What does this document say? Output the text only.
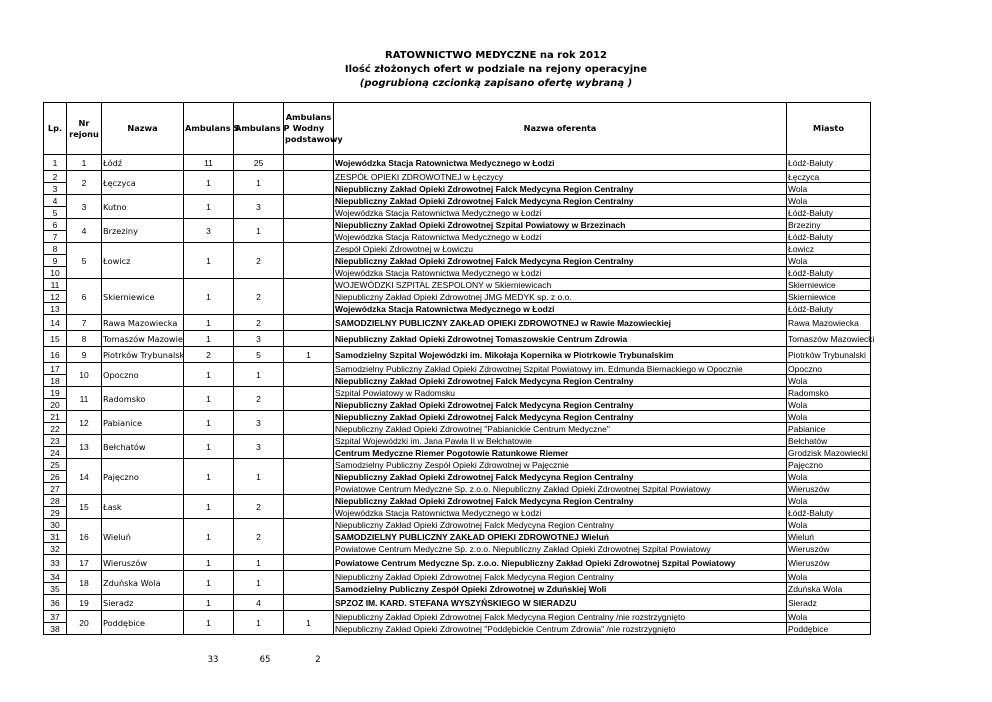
RATOWNICTWO MEDYCZNE na rok 2012
Ilość złożonych ofert w podziale na rejony operacyjne
(pogrubioną czcionką zapisano ofertę wybraną )
Lp.	Nr rejonu	Nazwa	Ambulans S	Ambulans P	Ambulans Wodny podstawowy	Nazwa oferenta	Miasto
1	1	Łódź	11	25		Wojewódzka Stacja Ratownictwa Medycznego w Łodzi	Łódź-Bałuty
2	2	Łęczyca	1	1		ZESPÓŁ OPIEKI ZDROWOTNEJ w Łęczycy	Łęczyca
3						Niepubliczny Zakład Opieki Zdrowotnej Falck Medycyna Region Centralny	Wola
4	3	Kutno	1	3		Niepubliczny Zakład Opieki Zdrowotnej Falck Medycyna Region Centralny	Wola
5						Wojewódzka Stacja Ratownictwa Medycznego w Łodzi	Łódź-Bałuty
6	4	Brzeziny	3	1		Niepubliczny Zakład Opieki Zdrowotnej Szpital Powiatowy w Brzezinach	Brzeziny
7						Wojewódzka Stacja Ratownictwa Medycznego w Łodzi	Łódź-Bałuty
8	5	Łowicz	1	2		Zespół Opieki Zdrowotnej w Łowiczu	Łowicz
9						Niepubliczny Zakład Opieki Zdrowotnej Falck Medycyna Region Centralny	Wola
10						Wojewódzka Stacja Ratownictwa Medycznego w Łodzi	Łódź-Bałuty
11	6	Skierniewice	1	2		WOJEWÓDZKI SZPITAL ZESPOLONY w Skierniewicach	Skierniewice
12						Niepubliczny Zakład Opieki Zdrowotnej JMG MEDYK sp. z o.o.	Skierniewice
13						Wojewódzka Stacja Ratownictwa Medycznego w Łodzi	Łódź-Bałuty
14	7	Rawa Mazowiecka	1	2		SAMODZIELNY PUBLICZNY ZAKŁAD OPIEKI ZDROWOTNEJ w Rawie Mazowieckiej	Rawa Mazowiecka
15	8	Tomaszów Mazowie	1	3		Niepubliczny Zakład Opieki Zdrowotnej Tomaszowskie Centrum Zdrowia	Tomaszów Mazowiecki
16	9	Piotrków Trybunalsk	2	5	1	Samodzielny Szpital Wojewódzki im. Mikołaja Kopernika w Piotrkowie Trybunalskim	Piotrków Trybunalski
17	10	Opoczno	1	1		Samodzielny Publiczny Zakład Opieki Zdrowotnej Szpital Powiatowy im. Edmunda Biernackiego w Opocznie	Opoczno
18						Niepubliczny Zakład Opieki Zdrowotnej Falck Medycyna Region Centralny	Wola
19	11	Radomsko	1	2		Szpital Powiatowy w Radomsku	Radomsko
20						Niepubliczny Zakład Opieki Zdrowotnej Falck Medycyna Region Centralny	Wola
21	12	Pabianice	1	3		Niepubliczny Zakład Opieki Zdrowotnej Falck Medycyna Region Centralny	Wola
22						Niepubliczny Zakład Opieki Zdrowotnej "Pabianickie Centrum Medyczne"	Pabianice
23	13	Bełchatów	1	3		Szpital Wojewódzki im. Jana Pawła II w Bełchatowie	Bełchatów
24						Centrum Medyczne Riemer Pogotowie Ratunkowe Riemer	Grodzisk Mazowiecki
25	14	Pajęczno	1	1		Samodzielny Publiczny Zespół Opieki Zdrowotnej w Pajęcznie	Pajęczno
26						Niepubliczny Zakład Opieki Zdrowotnej Falck Medycyna Region Centralny	Wola
27						Powiatowe Centrum Medyczne Sp. z.o.o. Niepubliczny Zakład Opieki Zdrowotnej Szpital Powiatowy	Wieruszów
28	15	Łask	1	2		Niepubliczny Zakład Opieki Zdrowotnej Falck Medycyna Region Centralny	Wola
29						Wojewódzka Stacja Ratownictwa Medycznego w Łodzi	Łódź-Bałuty
30	16	Wieluń	1	2		Niepubliczny Zakład Opieki Zdrowotnej Falck Medycyna Region Centralny	Wola
31						SAMODZIELNY PUBLICZNY ZAKŁAD OPIEKI ZDROWOTNEJ Wieluń	Wieluń
32						Powiatowe Centrum Medyczne Sp. z.o.o. Niepubliczny Zakład Opieki Zdrowotnej Szpital Powiatowy	Wieruszów
33	17	Wieruszów	1	1		Powiatowe Centrum Medyczne Sp. z.o.o. Niepubliczny Zakład Opieki Zdrowotnej Szpital Powiatowy	Wieruszów
34	18	Zduńska Wola	1	1		Niepubliczny Zakład Opieki Zdrowotnej Falck Medycyna Region Centralny	Wola
35						Samodzielny Publiczny Zespół Opieki Zdrowotnej w Zduńskiej Woli	Zduńska Wola
36	19	Sieradz	1	4		SPZOZ IM. KARD. STEFANA WYSZYŃSKIEGO W SIERADZU	Sieradz
37	20	Poddębice	1	1	1	Niepubliczny Zakład Opieki Zdrowotnej Falck Medycyna Region Centralny /nie rozstrzygnięto	Wola
38						Niepubliczny Zakład Opieki Zdrowotnej "Poddębickie Centrum Zdrowia" /nie rozstrzygnięto	Poddębice
33	65	2
